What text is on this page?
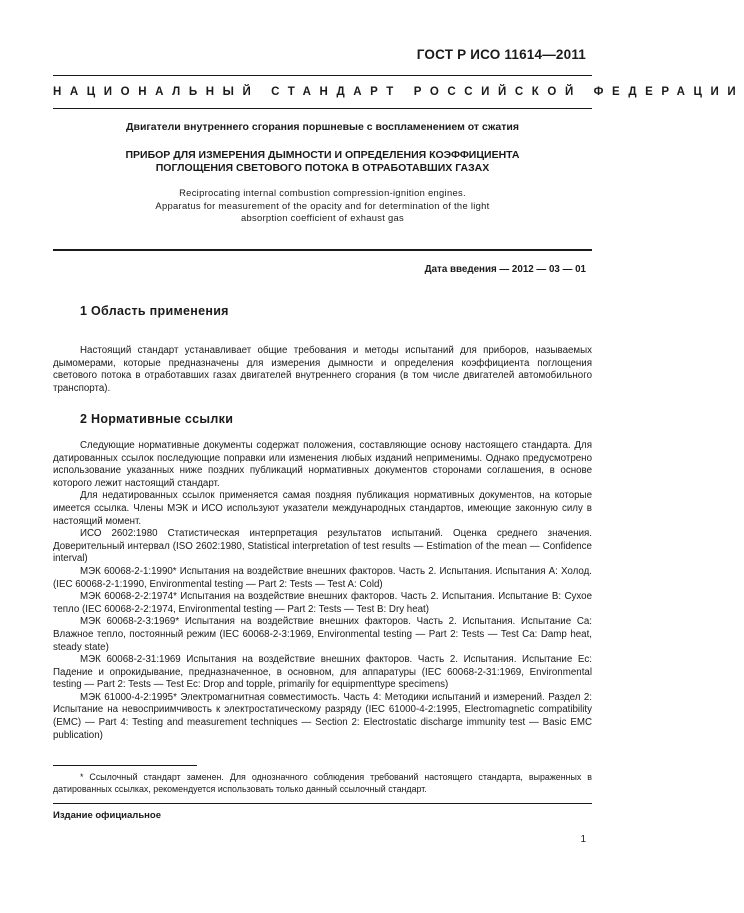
ГОСТ Р ИСО 11614—2011
НАЦИОНАЛЬНЫЙ СТАНДАРТ РОССИЙСКОЙ ФЕДЕРАЦИИ
Двигатели внутреннего сгорания поршневые с воспламенением от сжатия
ПРИБОР ДЛЯ ИЗМЕРЕНИЯ ДЫМНОСТИ И ОПРЕДЕЛЕНИЯ КОЭФФИЦИЕНТА
ПОГЛОЩЕНИЯ СВЕТОВОГО ПОТОКА В ОТРАБОТАВШИХ ГАЗАХ
Reciprocating internal combustion compression-ignition engines.
Apparatus for measurement of the opacity and for determination of the light
absorption coefficient of exhaust gas
Дата введения — 2012 — 03 — 01
1 Область применения

Настоящий стандарт устанавливает общие требования и методы испытаний для приборов, называемых дымомерами, которые предназначены для измерения дымности и определения коэффициента поглощения светового потока в отработавших газах двигателей внутреннего сгорания (в том числе двигателей автомобильного транспорта).

2 Нормативные ссылки

Следующие нормативные документы содержат положения, составляющие основу настоящего стандарта. Для датированных ссылок последующие поправки или изменения любых изданий неприменимы. Однако предусмотрено использование указанных ниже поздних публикаций нормативных документов сторонами соглашения, в основе которого лежит настоящий стандарт.

Для недатированных ссылок применяется самая поздняя публикация нормативных документов, на которые имеется ссылка. Члены МЭК и ИСО используют указатели международных стандартов, имеющие законную силу в настоящий момент.

ИСО 2602:1980 Статистическая интерпретация результатов испытаний. Оценка среднего значения. Доверительный интервал (ISO 2602:1980, Statistical interpretation of test results — Estimation of the mean — Confidence interval)

МЭК 60068-2-1:1990* Испытания на воздействие внешних факторов. Часть 2. Испытания. Испытания А: Холод. (IEC 60068-2-1:1990, Environmental testing — Part 2: Tests — Test A: Cold)

МЭК 60068-2-2:1974* Испытания на воздействие внешних факторов. Часть 2. Испытания. Испытание В: Сухое тепло (IEC 60068-2-2:1974, Environmental testing — Part 2: Tests — Test B: Dry heat)

МЭК 60068-2-3:1969* Испытания на воздействие внешних факторов. Часть 2. Испытания. Испытание Ca: Влажное тепло, постоянный режим (IEC 60068-2-3:1969, Environmental testing — Part 2: Tests — Test Ca: Damp heat, steady state)

МЭК 60068-2-31:1969 Испытания на воздействие внешних факторов. Часть 2. Испытания. Испытание Ec: Падение и опрокидывание, предназначенное, в основном, для аппаратуры (IEC 60068-2-31:1969, Environmental testing — Part 2: Tests — Test Ec: Drop and topple, primarily for equipmenttype specimens)

МЭК 61000-4-2:1995* Электромагнитная совместимость. Часть 4: Методики испытаний и измерений. Раздел 2: Испытание на невосприимчивость к электростатическому разряду (IEC 61000-4-2:1995, Electromagnetic compatibility (EMC) — Part 4: Testing and measurement techniques — Section 2: Electrostatic discharge immunity test — Basic EMC publication)

* Ссылочный стандарт заменен. Для однозначного соблюдения требований настоящего стандарта, выраженных в датированных ссылках, рекомендуется использовать только данный ссылочный стандарт.

Издание официальное
1
